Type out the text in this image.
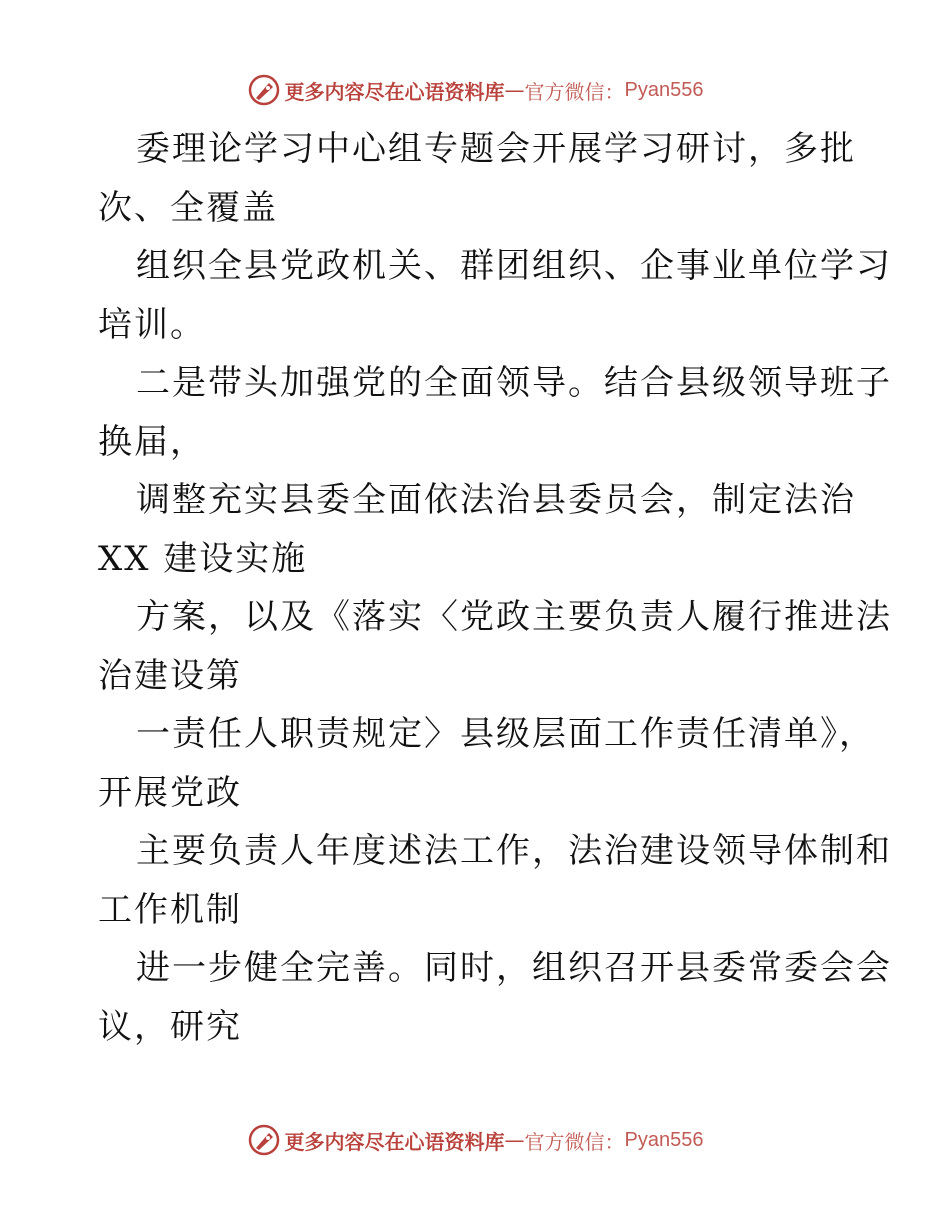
更多内容尽在心语资料库 — 官方微信： Pyan556
委理论学习中心组专题会开展学习研讨，多批
次、全覆盖
组织全县党政机关、群团组织、企事业单位学习
培训。
二是带头加强党的全面领导。结合县级领导班子
换届，
调整充实县委全面依法治县委员会，制定法治
XX 建设实施
方案，以及《落实〈党政主要负责人履行推进法
治建设第
一责任人职责规定〉县级层面工作责任清单》，
开展党政
主要负责人年度述法工作，法治建设领导体制和
工作机制
进一步健全完善。同时，组织召开县委常委会会
议，研究
更多内容尽在心语资料库 — 官方微信： Pyan556
